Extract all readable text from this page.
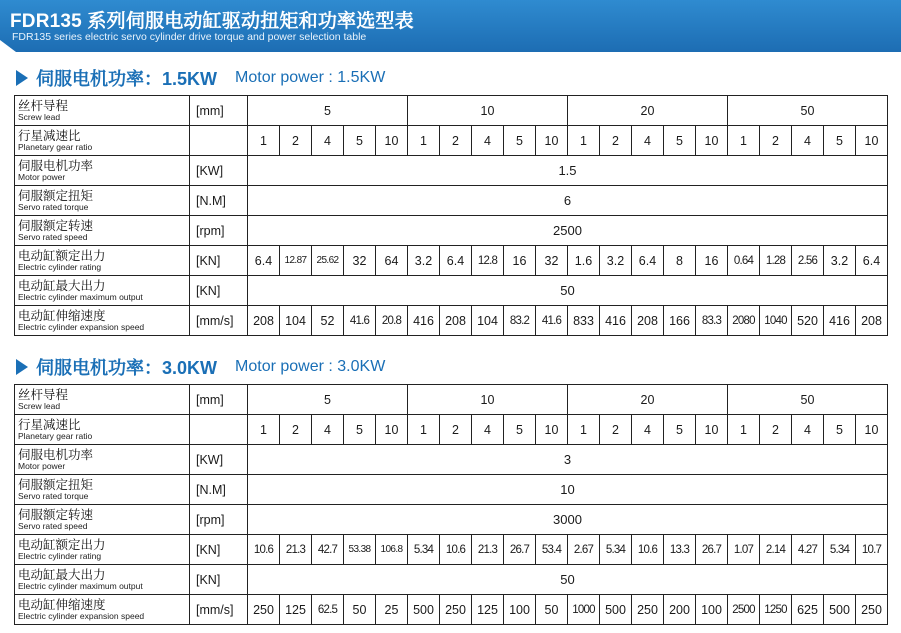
FDR135 系列伺服电动缸驱动扭矩和功率选型表
FDR135 series electric servo cylinder drive torque and power selection table
伺服电机功率：1.5KW Motor power : 1.5KW
丝杆导程
Screw lead	[mm]	5					10					20					50				

行星减速比
Planetary gear ratio		1	2	4	5	10	1	2	4	5	10	1	2	4	5	10	1	2	4	5	10

伺服电机功率
Motor power	[KW]	1.5																			

伺服额定扭矩
Servo rated torque	[N.M]	6																			

伺服额定转速
Servo rated speed	[rpm]	2500																			

电动缸额定出力
Electric cylinder rating	[KN]	6.4	12.87	25.62	32	64	3.2	6.4	12.8	16	32	1.6	3.2	6.4	8	16	0.64	1.28	2.56	3.2	6.4

电动缸最大出力
Electric cylinder maximum output	[KN]	50																			

电动缸伸缩速度
Electric cylinder expansion speed	[mm/s]	208	104	52	41.6	20.8	416	208	104	83.2	41.6	833	416	208	166	83.3	2080	1040	520	416	208
伺服电机功率：3.0KW Motor power : 3.0KW
丝杆导程
Screw lead	[mm]	5					10					20					50				

行星减速比
Planetary gear ratio		1	2	4	5	10	1	2	4	5	10	1	2	4	5	10	1	2	4	5	10

伺服电机功率
Motor power	[KW]	3																			

伺服额定扭矩
Servo rated torque	[N.M]	10																			

伺服额定转速
Servo rated speed	[rpm]	3000																			

电动缸额定出力
Electric cylinder rating	[KN]	10.6	21.3	42.7	53.38	106.8	5.34	10.6	21.3	26.7	53.4	2.67	5.34	10.6	13.3	26.7	1.07	2.14	4.27	5.34	10.7

电动缸最大出力
Electric cylinder maximum output	[KN]	50																			

电动缸伸缩速度
Electric cylinder expansion speed	[mm/s]	250	125	62.5	50	25	500	250	125	100	50	1000	500	250	200	100	2500	1250	625	500	250
